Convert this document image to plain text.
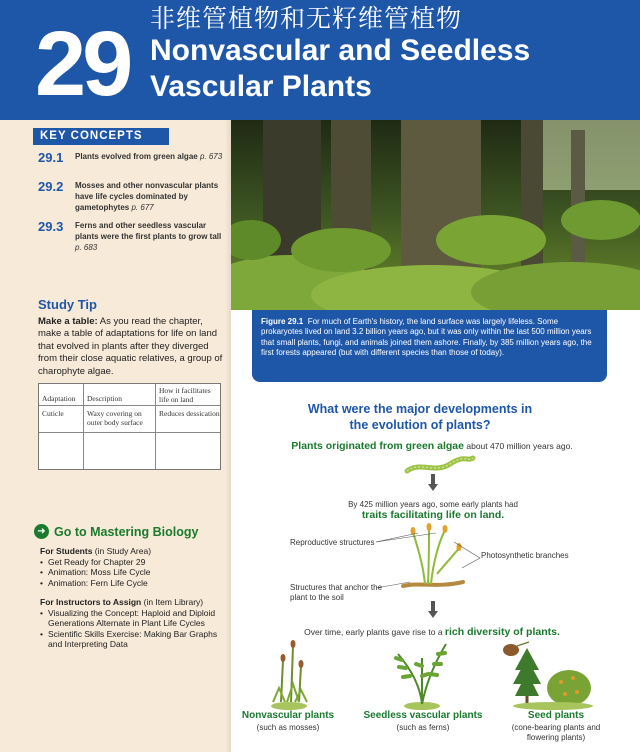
29 非维管植物和无籽维管植物
Nonvascular and Seedless Vascular Plants
KEY CONCEPTS
29.1 Plants evolved from green algae p. 673
29.2 Mosses and other nonvascular plants have life cycles dominated by gametophytes p. 677
29.3 Ferns and other seedless vascular plants were the first plants to grow tall p. 683
Study Tip
Make a table: As you read the chapter, make a table of adaptations for life on land that evolved in plants after they diverged from their close aquatic relatives, a group of charophyte algae.
Adaptation Description
How it facilitates life on land
Cuticle	Waxy covering on outer body surface
Reduces dessication
➜ Go to Mastering Biology
For Students (in Study Area)
• Get Ready for Chapter 29
• Animation: Moss Life Cycle
• Animation: Fern Life Cycle
For Instructors to Assign (in Item Library)
• Visualizing the Concept: Haploid and Diploid Generations Alternate in Plant Life Cycles
• Scientific Skills Exercise: Making Bar Graphs and Interpreting Data
Figure 29.1 For much of Earth's history, the land surface was largely lifeless. Some prokaryotes lived on land 3.2 billion years ago, but it was only within the last 500 million years that small plants, fungi, and animals joined them ashore. Finally, by 385 million years ago, the first forests appeared (but with different species than those of today).
What were the major developments in the evolution of plants?
Plants originated from green algae about 470 million years ago.
By 425 million years ago, some early plants had
traits facilitating life on land.
Reproductive structures
Photosynthetic branches
Structures that anchor the plant to the soil
Over time, early plants gave rise to a rich diversity of plants.
Nonvascular plants
(such as mosses)
Seedless vascular plants
(such as ferns)
Seed plants
(cone-bearing plants and flowering plants)
